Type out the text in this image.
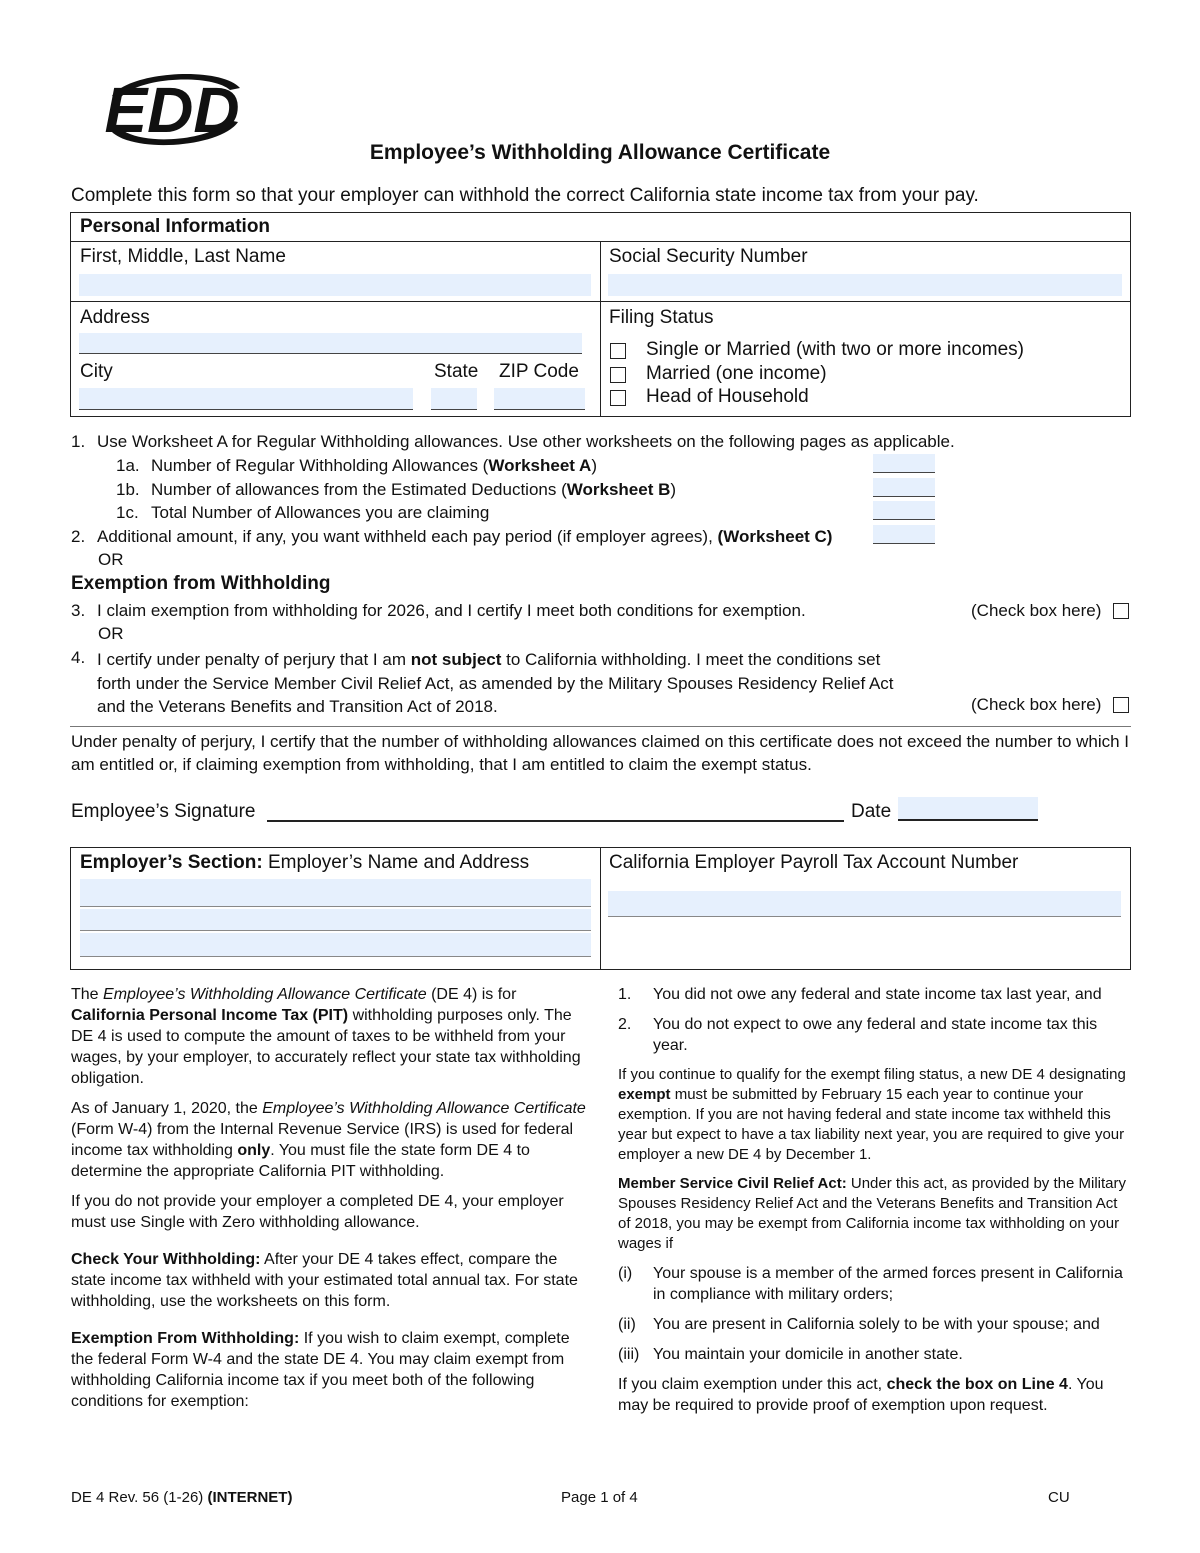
EDD
Employee’s Withholding Allowance Certificate
Complete this form so that your employer can withhold the correct California state income tax from your pay.
Personal Information
First, Middle, Last Name	Social Security Number
Address
City	State ZIP Code
Filing Status
Single or Married (with two or more incomes)
Married (one income)
Head of Household
1. Use Worksheet A for Regular Withholding allowances. Use other worksheets on the following pages as applicable.
1a. Number of Regular Withholding Allowances (Worksheet A)
1b. Number of allowances from the Estimated Deductions (Worksheet B)
1c. Total Number of Allowances you are claiming
2. Additional amount, if any, you want withheld each pay period (if employer agrees), (Worksheet C)
OR
Exemption from Withholding
3. I claim exemption from withholding for 2026, and I certify I meet both conditions for exemption.	(Check box here)
OR
4. I certify under penalty of perjury that I am not subject to California withholding. I meet the conditions set
forth under the Service Member Civil Relief Act, as amended by the Military Spouses Residency Relief Act
and the Veterans Benefits and Transition Act of 2018.	(Check box here)
Under penalty of perjury, I certify that the number of withholding allowances claimed on this certificate does not exceed the number to which I am entitled or, if claiming exemption from withholding, that I am entitled to claim the exempt status.
Employee’s Signature	Date
Employer’s Section: Employer’s Name and Address	California Employer Payroll Tax Account Number

The Employee’s Withholding Allowance Certificate (DE 4) is for California Personal Income Tax (PIT) withholding purposes only. The DE 4 is used to compute the amount of taxes to be withheld from your wages, by your employer, to accurately reflect your state tax withholding obligation.

As of January 1, 2020, the Employee’s Withholding Allowance Certificate (Form W-4) from the Internal Revenue Service (IRS) is used for federal income tax withholding only. You must file the state form DE 4 to determine the appropriate California PIT withholding.

If you do not provide your employer a completed DE 4, your employer must use Single with Zero withholding allowance.

Check Your Withholding: After your DE 4 takes effect, compare the state income tax withheld with your estimated total annual tax. For state withholding, use the worksheets on this form.

Exemption From Withholding: If you wish to claim exempt, complete the federal Form W-4 and the state DE 4. You may claim exempt from withholding California income tax if you meet both of the following conditions for exemption:

1.	You did not owe any federal and state income tax last year, and
2.	You do not expect to owe any federal and state income tax this year.

If you continue to qualify for the exempt filing status, a new DE 4 designating exempt must be submitted by February 15 each year to continue your exemption. If you are not having federal and state income tax withheld this year but expect to have a tax liability next year, you are required to give your employer a new DE 4 by December 1.

Member Service Civil Relief Act: Under this act, as provided by the Military Spouses Residency Relief Act and the Veterans Benefits and Transition Act of 2018, you may be exempt from California income tax withholding on your wages if

(i)	Your spouse is a member of the armed forces present in California in compliance with military orders;
(ii)	You are present in California solely to be with your spouse; and
(iii) You maintain your domicile in another state.

If you claim exemption under this act, check the box on Line 4. You may be required to provide proof of exemption upon request.

DE 4 Rev. 56 (1-26) (INTERNET)	Page 1 of 4	CU
